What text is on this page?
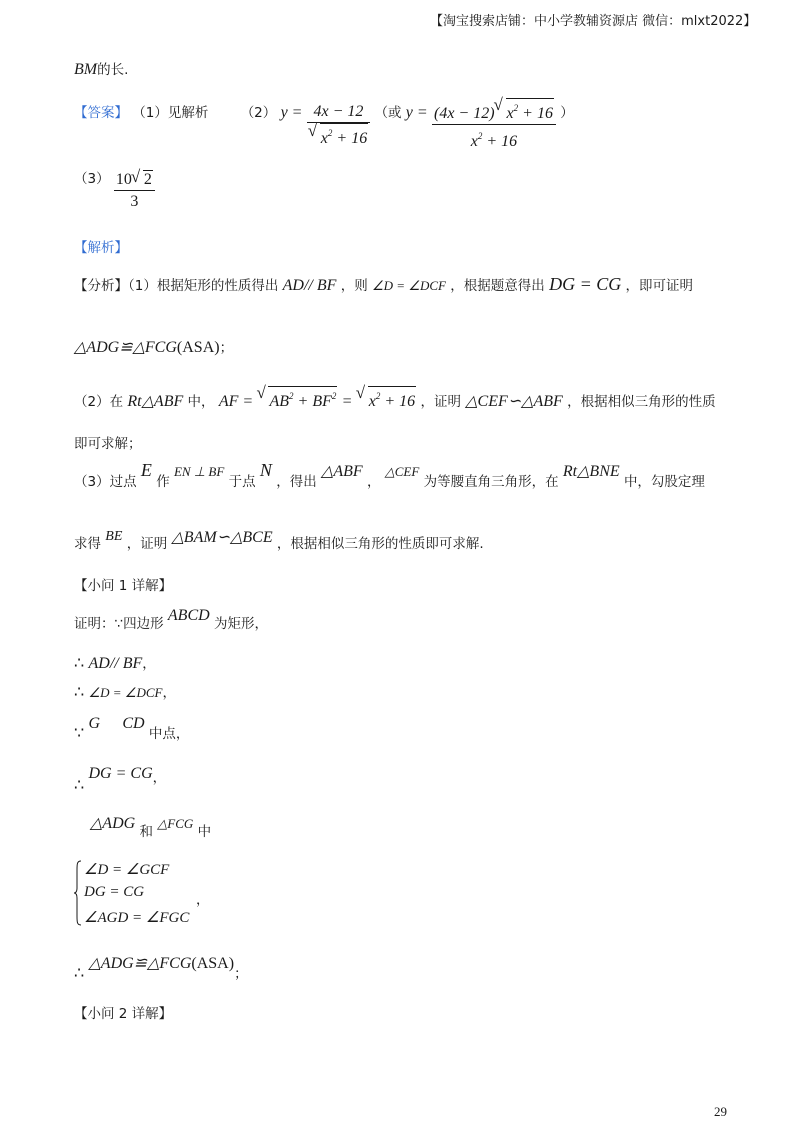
【淘宝搜索店铺：中小学教辅资源店 微信：mlxt2022】
BM的长.
【答案】 （1）见解析 （2） y = 4x − 12
√ $x^2 + 16$ （或 $y = \frac{(4x - 12) √ x^2 + 16}{x^2 + 16}$ ）
$(3) \frac{10 √ 2}{3}$
【解析】
【分析】（1）根据矩形的性质得出 AD// BF ，则 ∠D = ∠DCF ，根据题意得出 DG = CG ，即可证明
△ADG≌△FCG(ASA)；
（2）在 Rt△ABF 中， AF = √ $AB^2 + BF^2$ = √ $x^2 + 16$ ，证明 △CEF∽△ABF ，根据相似三角形的性质
即可求解；
（3）过点 E 作 EN ⊥ BF 于点 N ，得出 △ABF ， △CEF 为等腰直角三角形，在 Rt△BNE 中，勾股定理
求得 BE ，证明 △BAM∽△BCE ，根据相似三角形的性质即可求解.
【小问 1 详解】
证明：∵四边形 ABCD 为矩形，
∴ AD// BF，
∴ ∠D = ∠DCF，
∵ G CD 中点，
∴ DG = CG，
△ADG 和 △FCG 中
∠D = ∠GCF
DG = CG
∠AGD = ∠FGC
，
∴ △ADG≌△FCG(ASA)；
【小问 2 详解】
29
